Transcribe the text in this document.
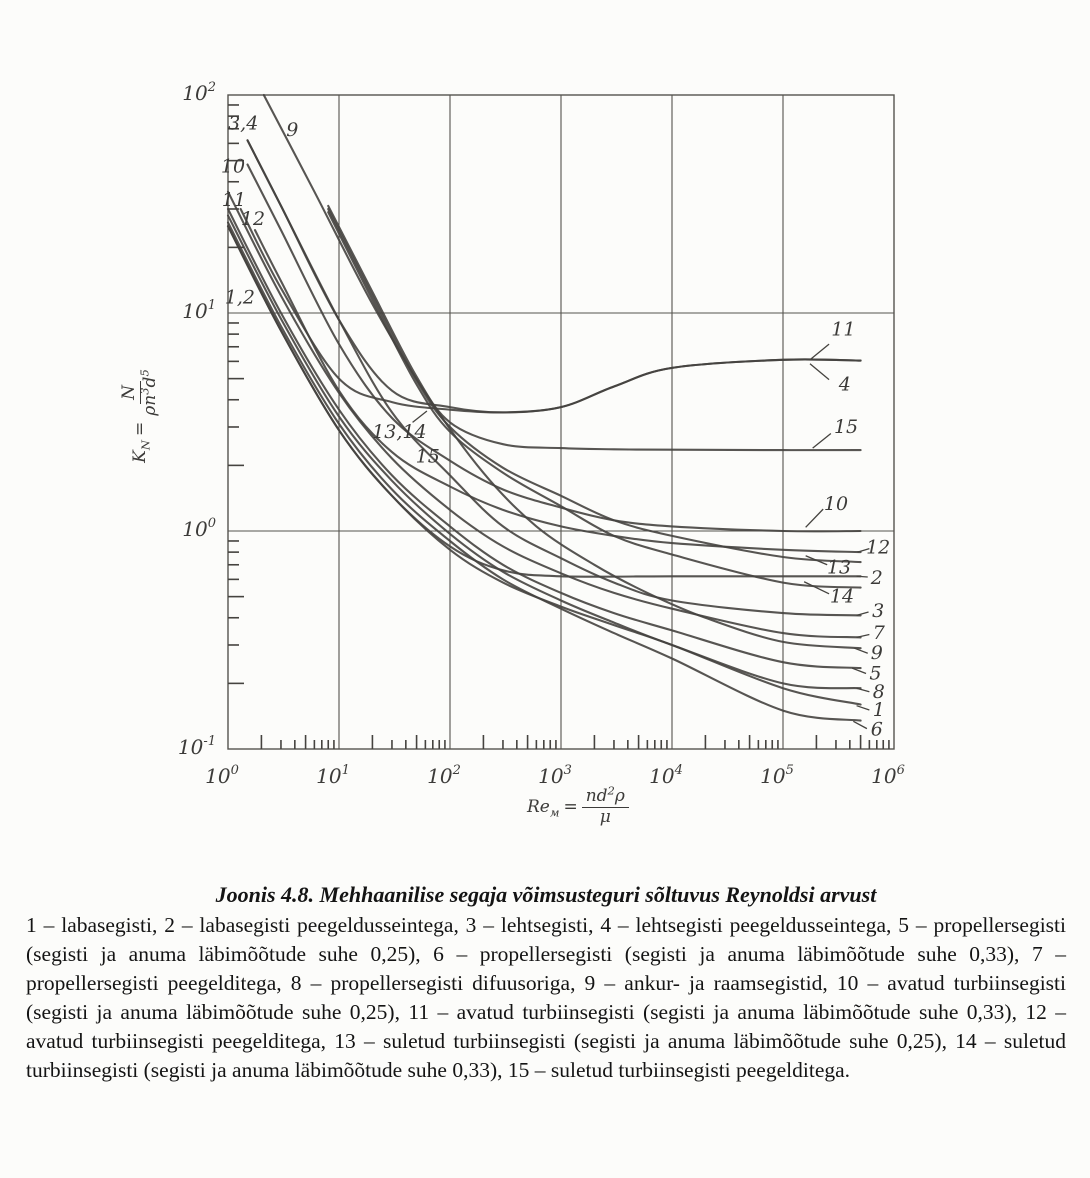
$10^0$	$10^1$	$10^2$	$10^3$	$10^4$	$10^5$	$10^6$
$10^2$
$10^1$
$10^0$
$10^{-1}$
3,4 9
10
11
12
1,2
13,14
15
11
4
15
10
12
13 2
14
3
7
9
5
8
1
6
$K_N$
=
N
$\rho n^3d^5$
$Re_м = \frac{nd^2\rho}{\mu}$

Joonis 4.8. Mehhaanilise segaja võimsusteguri sõltuvus Reynoldsi arvust

1 – labasegisti, 2 – labasegisti peegeldusseintega, 3 – lehtsegisti, 4 – lehtsegisti peegeldusseintega, 5 – propellersegisti (segisti ja anuma läbimõõtude suhe 0,25), 6 – propellersegisti (segisti ja anuma läbimõõtude suhe 0,33), 7 – propellersegisti peegelditega, 8 – propellersegisti difuusoriga, 9 – ankur- ja raamsegistid, 10 – avatud turbiinsegisti (segisti ja anuma läbimõõtude suhe 0,25), 11 – avatud turbiinsegisti (segisti ja anuma läbimõõtude suhe 0,33), 12 – avatud turbiinsegisti peegelditega, 13 – suletud turbiinsegisti (segisti ja anuma läbimõõtude suhe 0,25), 14 – suletud turbiinsegisti (segisti ja anuma läbimõõtude suhe 0,33), 15 – suletud turbiinsegisti peegelditega.
